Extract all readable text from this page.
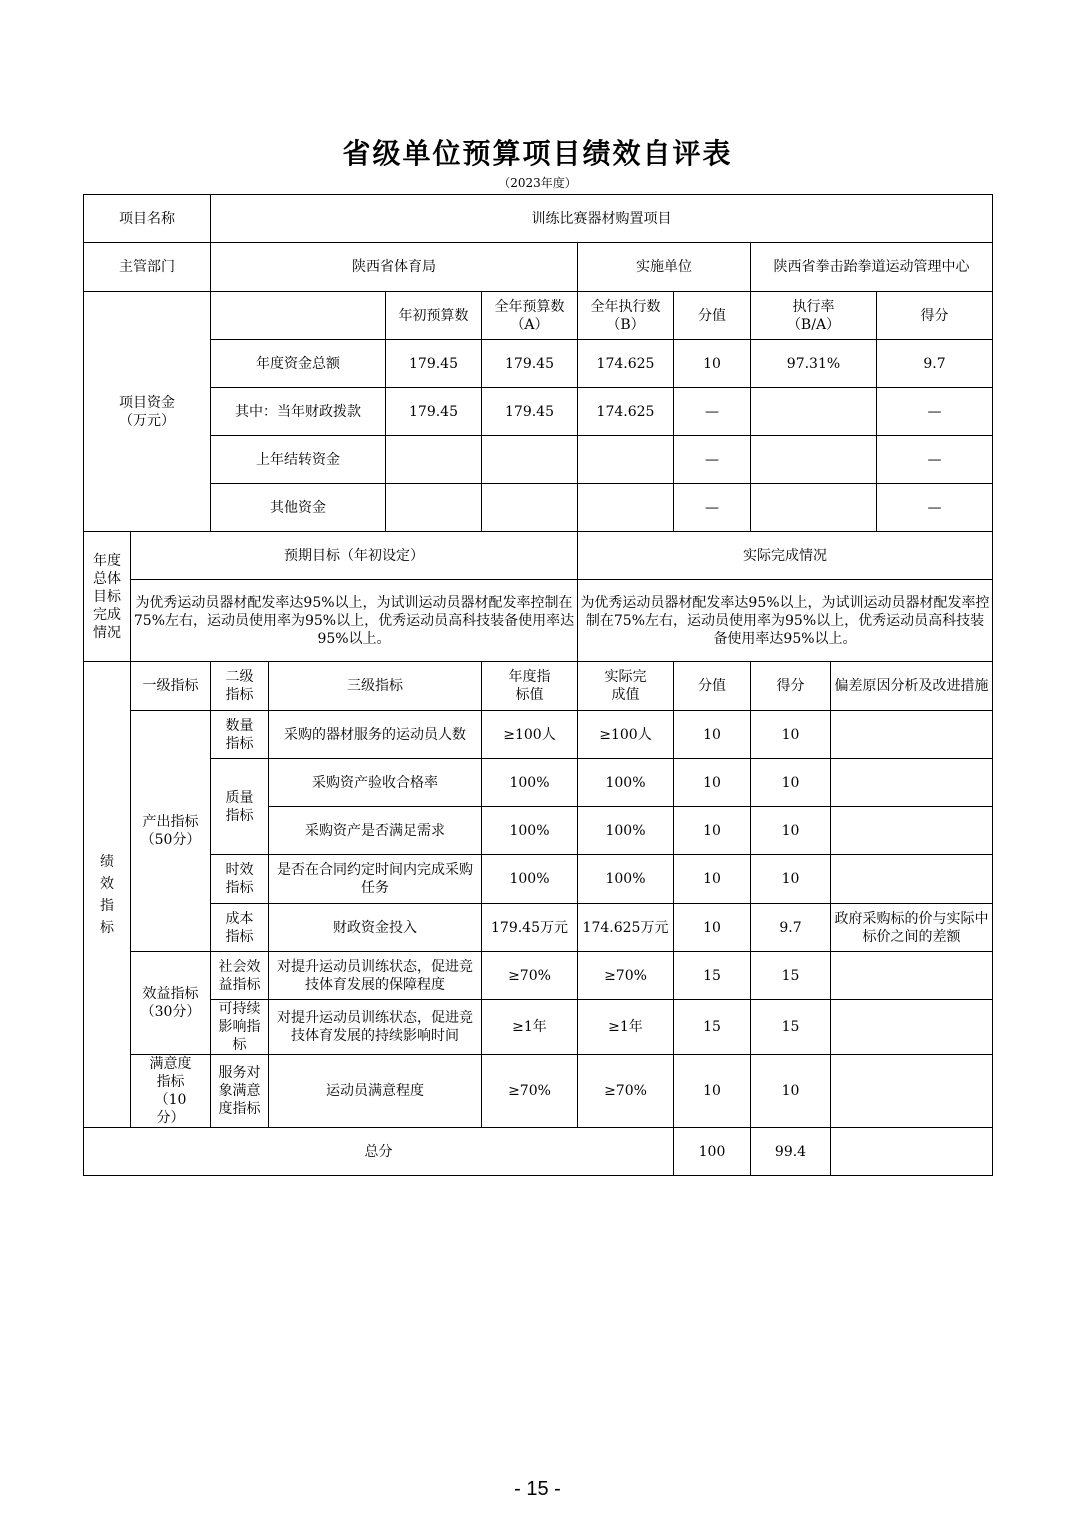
省级单位预算项目绩效自评表
（2023年度）
项目名称		训练比赛器材购置项目								
主管部门		陕西省体育局				实施单位		陕西省拳击跆拳道运动管理中心		
项目资金（万元）				年初预算数	全年预算数（A）	全年执行数（B）	分值	执行率（B/A）		得分
		年度资金总额		179.45	179.45	174.625	10	97.31%		9.7
		其中：当年财政拨款		179.45	179.45	174.625	—			—
		上年结转资金					—			—
		其他资金					—			—
年度总体目标完成情况	预期目标（年初设定）					实际完成情况				
	为优秀运动员器材配发率达95%以上，为试训运动员器材配发率控制在75%左右，运动员使用率为95%以上，优秀运动员高科技装备使用率达95%以上。					为优秀运动员器材配发率达95%以上，为试训运动员器材配发率控制在75%左右，运动员使用率为95%以上，优秀运动员高科技装备使用率达95%以上。				
绩效指标	一级指标	二级指标	三级指标		年度指标值	实际完成值	分值	得分	偏差原因分析及改进措施	
	产出指标（50分）	数量指标	采购的器材服务的运动员人数		≥100人	≥100人	10	10		
		质量指标	采购资产验收合格率		100%	100%	10	10		
			采购资产是否满足需求		100%	100%	10	10		
		时效指标	是否在合同约定时间内完成采购任务		100%	100%	10	10		
		成本指标	财政资金投入		179.45万元	174.625万元	10	9.7	政府采购标的价与实际中标价之间的差额	
	效益指标（30分）	社会效益指标	对提升运动员训练状态，促进竞技体育发展的保障程度		≥70%	≥70%	15	15		
		可持续影响指标	对提升运动员训练状态，促进竞技体育发展的持续影响时间		≥1年	≥1年	15	15		
	满意度指标（10分）	服务对象满意度指标	运动员满意程度		≥70%	≥70%	10	10		
总分							100	99.4		
- 15 -
